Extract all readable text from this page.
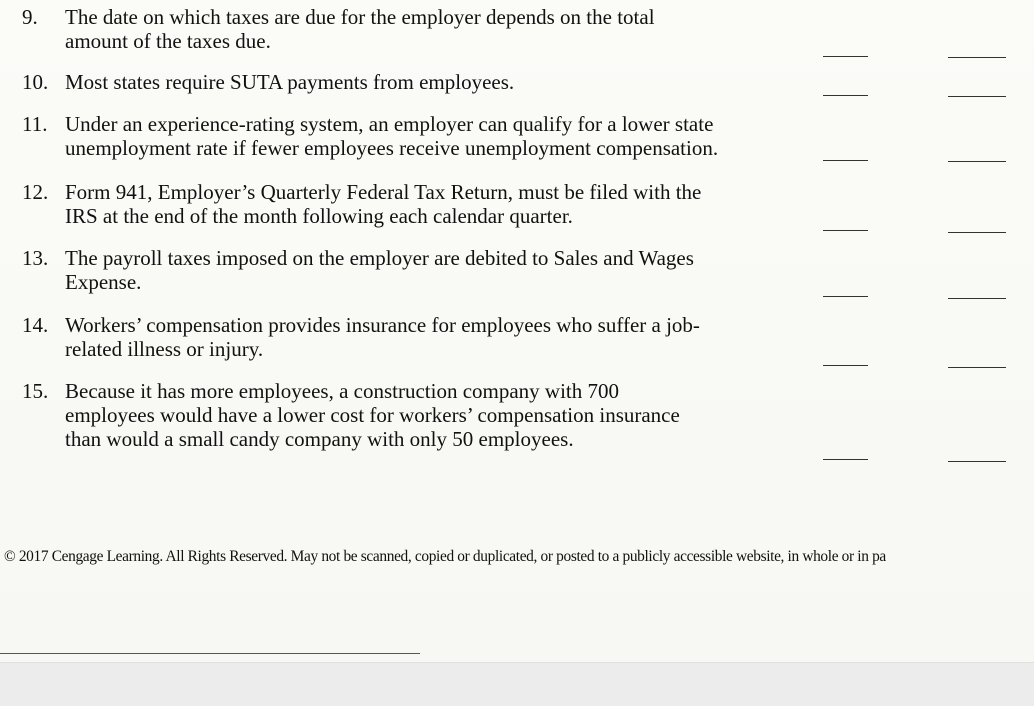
9.	The date on which taxes are due for the employer depends on the total
amount of the taxes due.
10. Most states require SUTA payments from employees.
11. Under an experience-rating system, an employer can qualify for a lower state
unemployment rate if fewer employees receive unemployment compensation.
12. Form 941, Employer’s Quarterly Federal Tax Return, must be filed with the
IRS at the end of the month following each calendar quarter.
13. The payroll taxes imposed on the employer are debited to Sales and Wages
Expense.
14. Workers’ compensation provides insurance for employees who suffer a job-
related illness or injury.
15. Because it has more employees, a construction company with 700
employees would have a lower cost for workers’ compensation insurance
than would a small candy company with only 50 employees.
© 2017 Cengage Learning. All Rights Reserved. May not be scanned, copied or duplicated, or posted to a publicly accessible website, in whole or in pa
